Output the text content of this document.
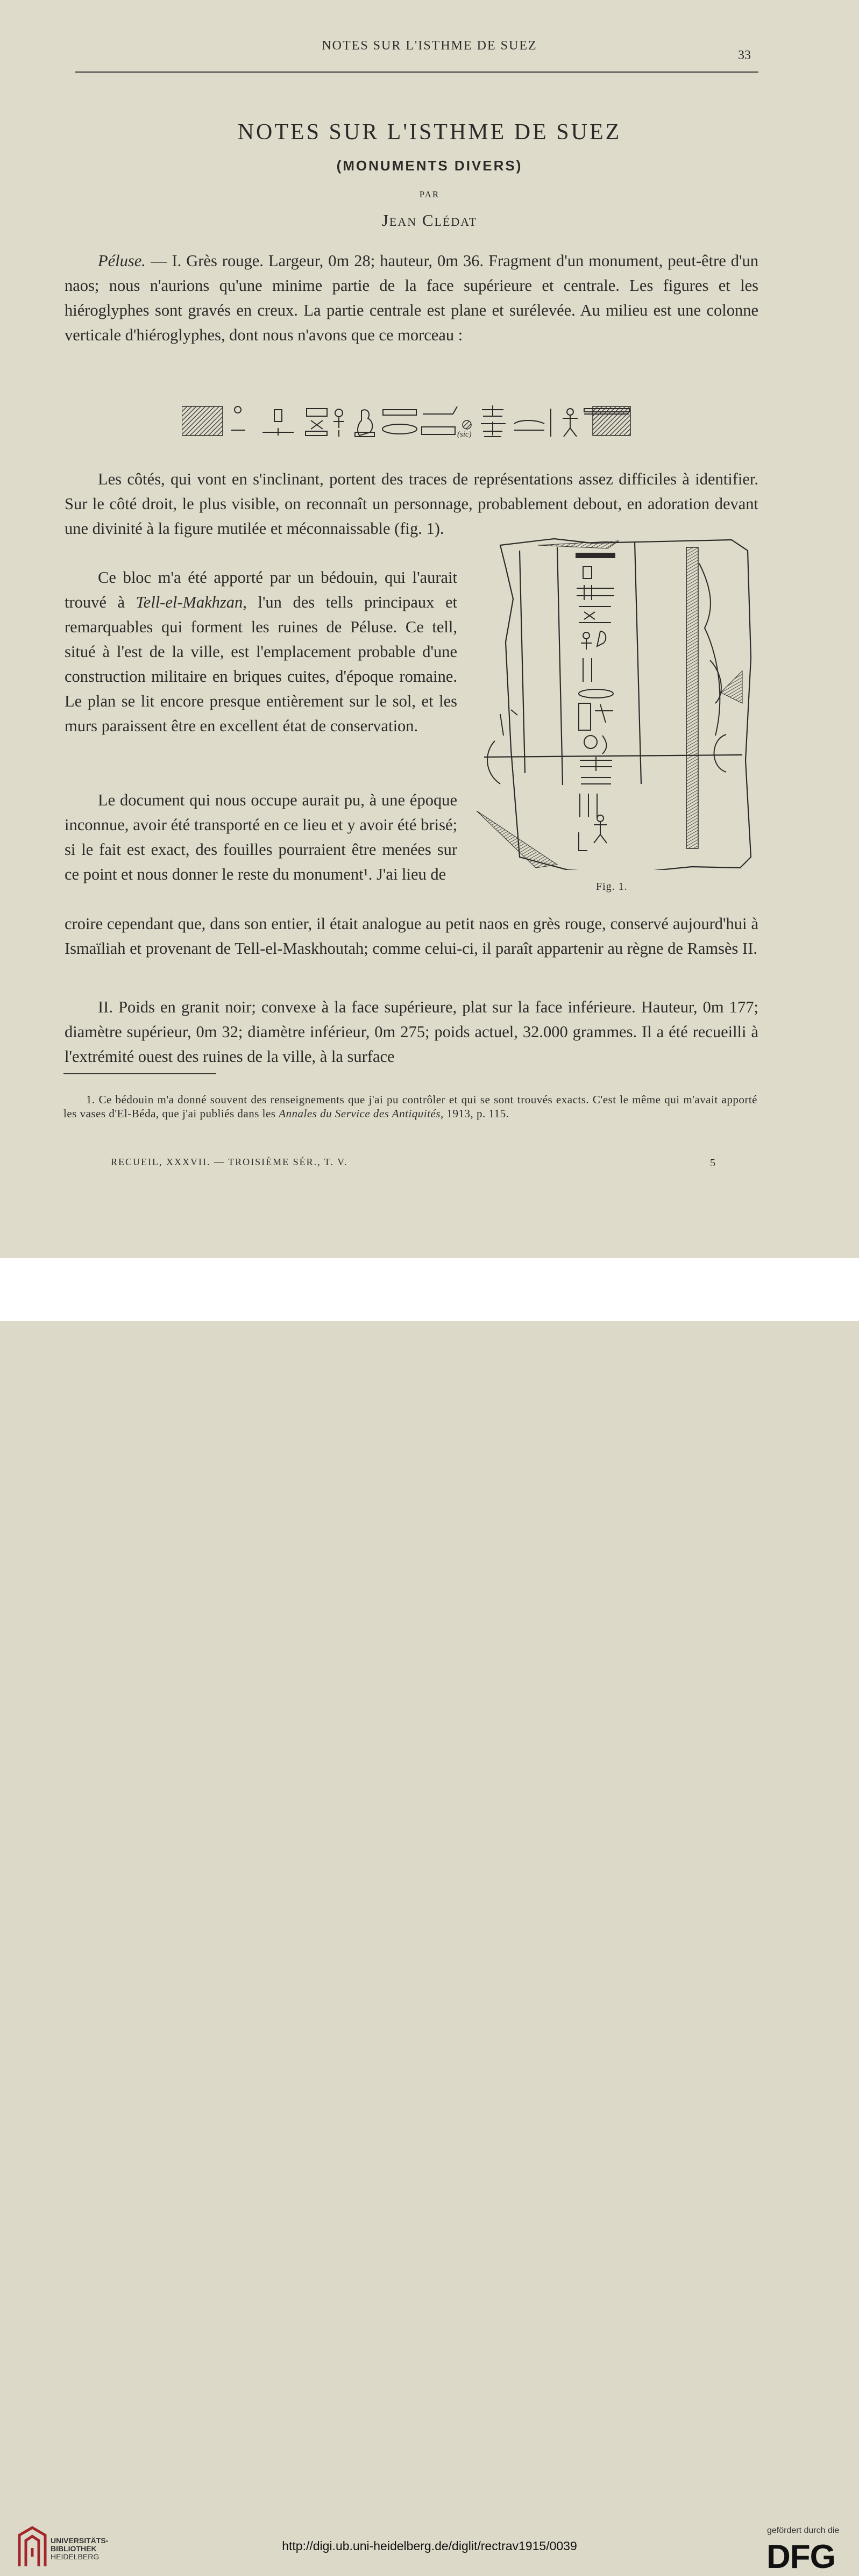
NOTES SUR L'ISTHME DE SUEZ
33
NOTES SUR L'ISTHME DE SUEZ
(MONUMENTS DIVERS)
PAR
Jean Clédat

Péluse. — I. Grès rouge. Largeur, 0m 28; hauteur, 0m 36. Fragment d'un monument, peut-être d'un naos; nous n'aurions qu'une minime partie de la face supérieure et centrale. Les figures et les hiéroglyphes sont gravés en creux. La partie centrale est plane et surélevée. Au milieu est une colonne verticale d'hiéroglyphes, dont nous n'avons que ce morceau :

(sic)

Les côtés, qui vont en s'inclinant, portent des traces de représentations assez difficiles à identifier. Sur le côté droit, le plus visible, on reconnaît un personnage, probablement debout, en adoration devant une divinité à la figure mutilée et méconnaissable (fig. 1).

Ce bloc m'a été apporté par un bédouin, qui l'aurait trouvé à Tell-el-Makhzan, l'un des tells principaux et remarquables qui forment les ruines de Péluse. Ce tell, situé à l'est de la ville, est l'emplacement probable d'une construction militaire en briques cuites, d'époque romaine. Le plan se lit encore presque entièrement sur le sol, et les murs paraissent être en excellent état de conservation.

Le document qui nous occupe aurait pu, à une époque inconnue, avoir été transporté en ce lieu et y avoir été brisé; si le fait est exact, des fouilles pourraient être menées sur ce point et nous donner le reste du monument¹. J'ai lieu de

croire cependant que, dans son entier, il était analogue au petit naos en grès rouge, conservé aujourd'hui à Ismaïliah et provenant de Tell-el-Maskhoutah; comme celui-ci, il paraît appartenir au règne de Ramsès II.

Fig. 1.

II. Poids en granit noir; convexe à la face supérieure, plat sur la face inférieure. Hauteur, 0m 177; diamètre supérieur, 0m 32; diamètre inférieur, 0m 275; poids actuel, 32.000 grammes. Il a été recueilli à l'extrémité ouest des ruines de la ville, à la surface

1. Ce bédouin m'a donné souvent des renseignements que j'ai pu contrôler et qui se sont trouvés exacts. C'est le même qui m'avait apporté les vases d'El-Béda, que j'ai publiés dans les Annales du Service des Antiquités, 1913, p. 115.

RECUEIL, XXXVII. — TROISIÈME SÉR., T. V.	5
UNIVERSITÄTS-
BIBLIOTHEK
HEIDELBERG
http://digi.ub.uni-heidelberg.de/diglit/rectrav1915/0039
gefördert durch die
DFG
